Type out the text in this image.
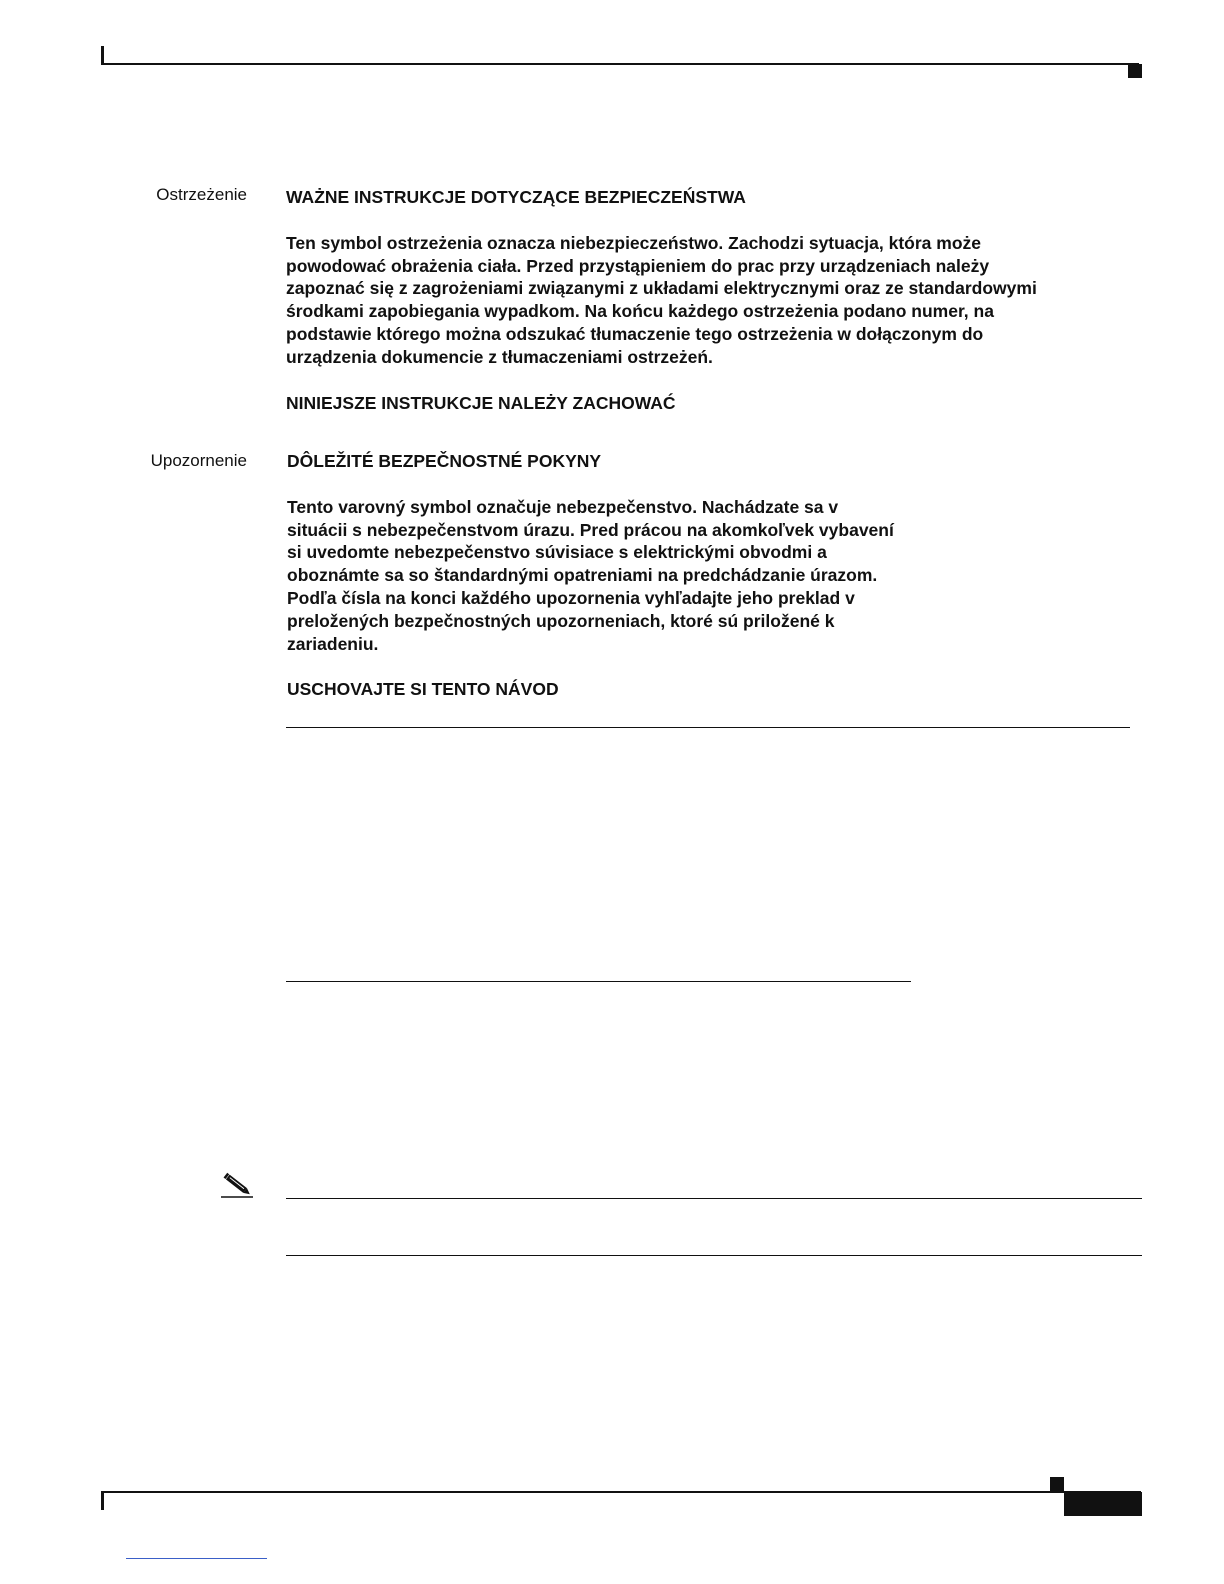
Ostrzeżenie WAŻNE INSTRUKCJE DOTYCZĄCE BEZPIECZEŃSTWA

Ten symbol ostrzeżenia oznacza niebezpieczeństwo. Zachodzi sytuacja, która może

powodować obrażenia ciała. Przed przystąpieniem do prac przy urządzeniach należy

zapoznać się z zagrożeniami związanymi z układami elektrycznymi oraz ze standardowymi

środkami zapobiegania wypadkom. Na końcu każdego ostrzeżenia podano numer, na

podstawie którego można odszukać tłumaczenie tego ostrzeżenia w dołączonym do

urządzenia dokumencie z tłumaczeniami ostrzeżeń.

NINIEJSZE INSTRUKCJE NALEŻY ZACHOWAĆ

Upozornenie DÔLEŽITÉ BEZPEČNOSTNÉ POKYNY

Tento varovný symbol označuje nebezpečenstvo. Nachádzate sa v

situácii s nebezpečenstvom úrazu. Pred prácou na akomkoľvek vybavení

si uvedomte nebezpečenstvo súvisiace s elektrickými obvodmi a

oboznámte sa so štandardnými opatreniami na predchádzanie úrazom.

Podľa čísla na konci každého upozornenia vyhľadajte jeho preklad v

preložených bezpečnostných upozorneniach, ktoré sú priložené k

zariadeniu.

USCHOVAJTE SI TENTO NÁVOD
